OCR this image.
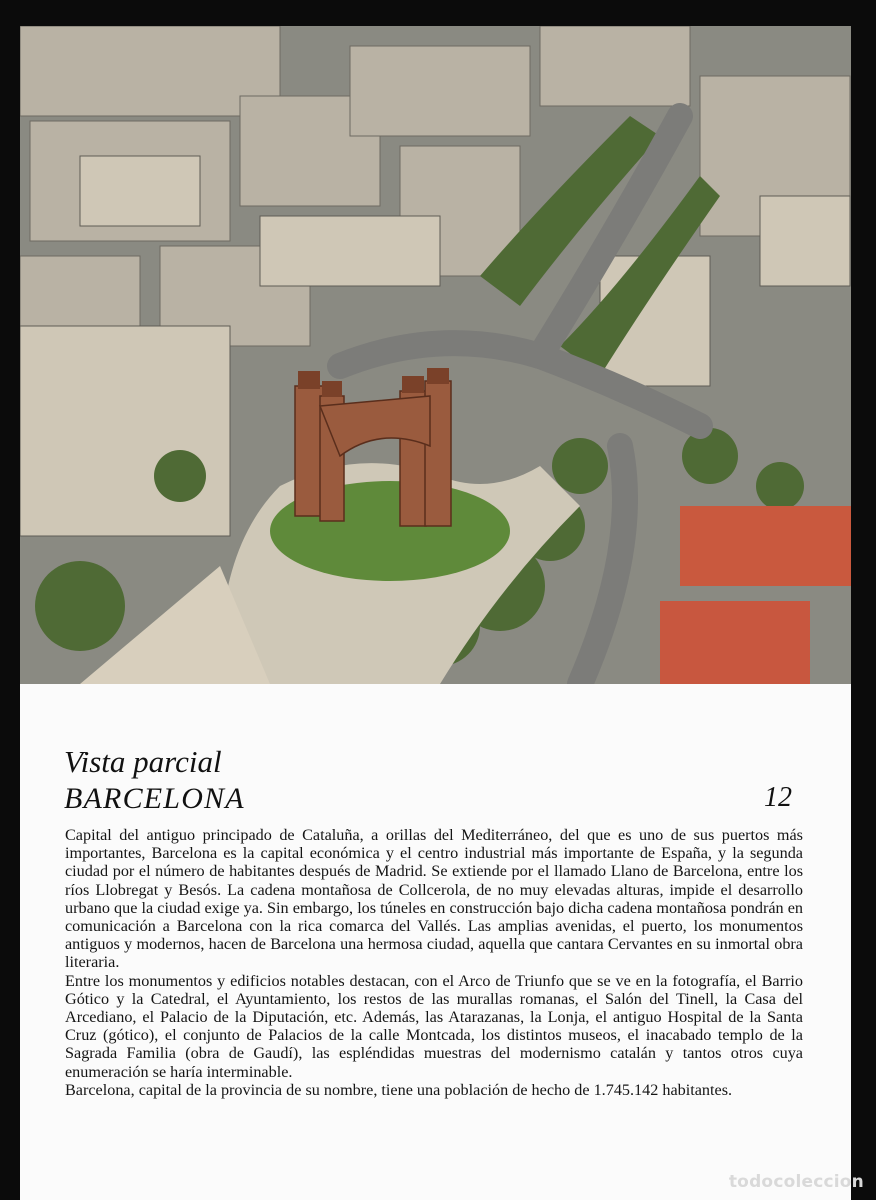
Vista parcial
BARCELONA	12

Capital del antiguo principado de Cataluña, a orillas del Mediterráneo, del que es uno de sus puertos más importantes, Barcelona es la capital económica y el centro industrial más importante de España, y la segunda ciudad por el número de habitantes después de Madrid. Se extiende por el llamado Llano de Barcelona, entre los ríos Llobregat y Besós. La cadena montañosa de Collcerola, de no muy elevadas alturas, impide el desarrollo urbano que la ciudad exige ya. Sin embargo, los túneles en construcción bajo dicha cadena montañosa pondrán en comunicación a Barcelona con la rica comarca del Vallés. Las amplias avenidas, el puerto, los monumentos antiguos y modernos, hacen de Barcelona una hermosa ciudad, aquella que cantara Cervantes en su inmortal obra literaria.

Entre los monumentos y edificios notables destacan, con el Arco de Triunfo que se ve en la fotografía, el Barrio Gótico y la Catedral, el Ayuntamiento, los restos de las murallas romanas, el Salón del Tinell, la Casa del Arcediano, el Palacio de la Diputación, etc. Además, las Atarazanas, la Lonja, el antiguo Hospital de la Santa Cruz (gótico), el conjunto de Palacios de la calle Montcada, los distintos museos, el inacabado templo de la Sagrada Familia (obra de Gaudí), las espléndidas muestras del modernismo catalán y tantos otros cuya enumeración se haría interminable.

Barcelona, capital de la provincia de su nombre, tiene una población de hecho de 1.745.142 habitantes.

todocoleccion
